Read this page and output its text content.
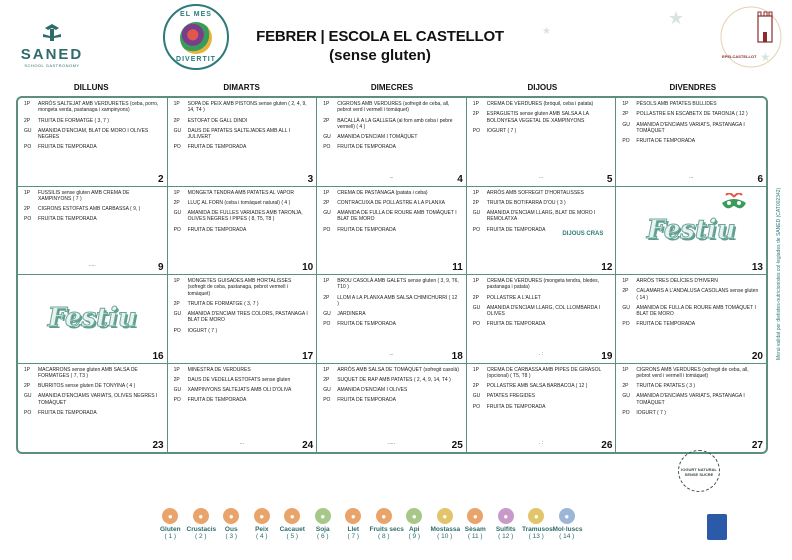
SANED
SCHOOL GASTRONOMY
EL MES
DIVERTIT
FEBRER | ESCOLA EL CASTELLOT
(sense gluten)	EPELCASTELLOT
★
★
★
DILLUNS	DIMARTS	DIMECRES	DIJOUS	DIVENDRES
1P	ARRÒS SALTEJAT AMB VERDURETES (ceba, porro, mongeta verda, pastanaga i xampinyons)
2P	TRUITA DE FORMATGE ( 3, 7 )
GU	AMANIDA D'ENCIAM, BLAT DE MORO I OLIVES NEGRES
PO	FRUITA DE TEMPORADA
2
1P	SOPA DE PEIX AMB PISTONS sense gluten ( 2, 4, 9, 14, T4 )
2P	ESTOFAT DE GALL DINDI
GU	DAUS DE PATATES SALTEJADES AMB ALL I JULIVERT
PO	FRUITA DE TEMPORADA
3
1P	CIGRONS AMB VERDURES (sofregit de ceba, all, pebrot verd i vermell i tomàquet)
2P	BACALLÀ A LA GALLEGA (al forn amb ceba i pebre vermell) ( 4 )
GU	AMANIDA D'ENCIAM I TOMÀQUET
PO	FRUITA DE TEMPORADA
...	4
1P	CREMA DE VERDURES (bròquil, ceba i patata)
2P	ESPAGUETIS sense gluten AMB SALSA A LA BOLONYESA VEGETAL DE XAMPINYONS
PO	IOGURT ( 7 )
...	5
1P	PÈSOLS AMB PATATES BULLIDES
2P	POLLASTRE EN ESCABETX DE TARONJA ( 12 )
GU	AMANIDA D'ENCIAMS VARIATS, PASTANAGA I TOMÀQUET
PO	FRUITA DE TEMPORADA
...	6
1P	FUSSILIS sense gluten AMB CREMA DE XAMPINYONS ( 7 )
2P	CIGRONS ESTOFATS AMB CARBASSA ( 9, )
PO	FRUITA DE TEMPORADA
.....	9
1P	MONGETA TENDRA AMB PATATES AL VAPOR
2P	LLUÇ AL FORN (ceba i tomàquet natural) ( 4 )
GU	AMANIDA DE FULLES VARIADES AMB TARONJA, OLIVES NEGRES I PIPES ( 8, T5, T8 )
PO	FRUITA DE TEMPORADA
10
1P	CREMA DE PASTANAGA (patata i ceba)
2P	CONTRACUIXA DE POLLASTRE A LA PLANXA
GU	AMANIDA DE FULLA DE ROURE AMB TOMÀQUET I BLAT DE MORO
PO	FRUITA DE TEMPORADA
11
1P	ARRÒS AMB SOFREGIT D'HORTALISSES
2P	TRUITA DE BOTIFARRA D'OU ( 3 )
GU	AMANIDA D'ENCIAM LLARG, BLAT DE MORO I REMOLATXA
PO	FRUITA DE TEMPORADA
DIJOUS CRAS
12
Festiu
13
Festiu
16
1P	MONGETES GUISADES AMB HORTALISSES (sofregit de ceba, pastanaga, pebrot vermell i tomàquet)
2P	TRUITA DE FORMATGE ( 3, 7 )
GU	AMANIDA D'ENCIAM TRES COLORS, PASTANAGA I BLAT DE MORO
PO	IOGURT ( 7 )
17
1P	BROU CASOLÀ AMB GALETS sense gluten ( 3, 9, T6, T10 )
2P	LLOM A LA PLANXA AMB SALSA CHIMICHURRI ( 12 )
GU	JARDINERA
PO	FRUITA DE TEMPORADA
...	18
1P	CREMA DE VERDURES (mongeta tendra, bledes, pastanaga i patata)
2P	POLLASTRE A L'ALLET
GU	AMANIDA D'ENCIAM LLARG, COL LLOMBARDA I OLIVES
PO	FRUITA DE TEMPORADA
. :	19
1P	ARRÒS TRES DELÍCIES D'HIVERN
2P	CALAMARS A L'ANDALUSA CASOLANS sense gluten ( 14 )
GU	AMANIDA DE FULLA DE ROURE AMB TOMÀQUET I BLAT DE MORO
PO	FRUITA DE TEMPORADA
20
1P	MACARRONS sense gluten AMB SALSA DE FORMATGES ( 7, T3 )
2P	BURRITOS sense gluten DE TONYINA ( 4 )
GU	AMANIDA D'ENCIAMS VARIATS, OLIVES NEGRES I TOMÀQUET
PO	FRUITA DE TEMPORADA
23
1P	MINESTRA DE VERDURES
2P	DAUS DE VEDELLA ESTOFATS sense gluten
GU	XAMPINYONS SALTEJATS AMB OLI D'OLIVA
PO	FRUITA DE TEMPORADA
...	24
1P	ARRÒS AMB SALSA DE TOMÀQUET (sofregit casolà)
2P	SUQUET DE RAP AMB PATATES ( 2, 4, 9, 14, T4 )
GU	AMANIDA D'ENCIAM I OLIVES
PO	FRUITA DE TEMPORADA
.....	25
1P	CREMA DE CARBASSA AMB PIPES DE GIRASOL (opcional) ( T5, T8 )
2P	POLLASTRE AMB SALSA BARBACOA ( 12 )
GU	PATATES FREGIDES
PO	FRUITA DE TEMPORADA
. :	26
1P	CIGRONS AMB VERDURES (sofregit de ceba, all, pebrot verd i vermell i tomàquet)
2P	TRUITA DE PATATES ( 3 )
GU	AMANIDA D'ENCIAMS VARIATS, PASTANAGA I TOMÀQUET
PO	IOGURT ( 7 )
27
Menú validat per dietistes-nutricionistes col·legiades de SANED (CAT002342)
IOGURT NATURAL SENSE SUCRE
●
Gluten
( 1 )
●
Crustacis
( 2 )
●
Ous
( 3 )
●
Peix
( 4 )
●
Cacauet
( 5 )
●
Soja
( 6 )
●
Llet
( 7 )
●
Fruits secs
( 8 )
●
Api
( 9 )
●
Mostassa
( 10 )
●
Sèsam
( 11 )
●
Sulfits
( 12 )
●
Tramusos
( 13 )
●
Mol·luscs
( 14 )
